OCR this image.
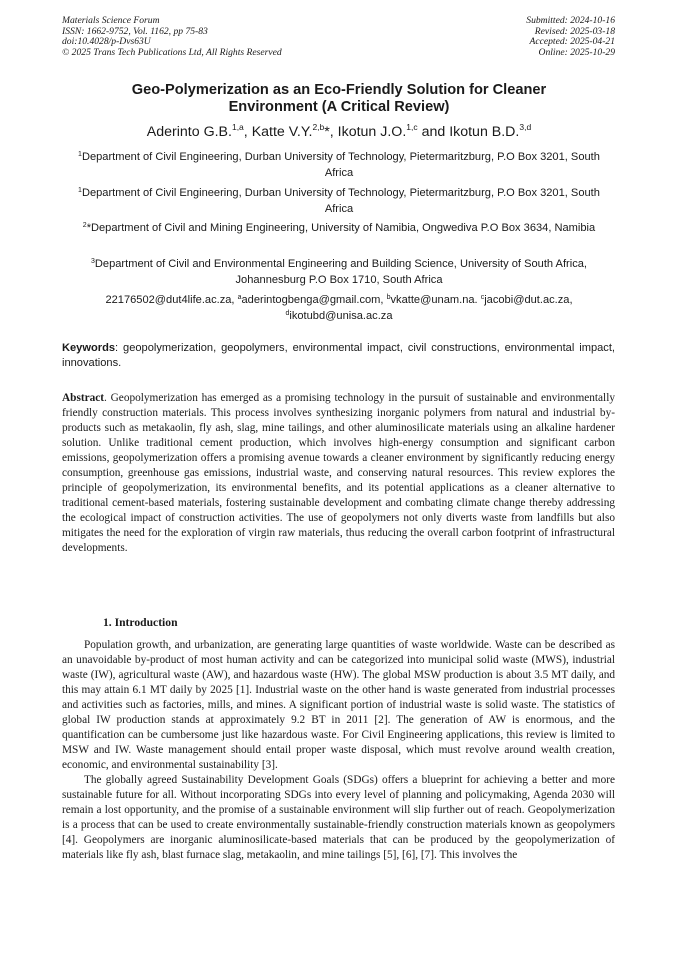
Materials Science Forum
ISSN: 1662-9752, Vol. 1162, pp 75-83
doi:10.4028/p-Dvs63U
© 2025 Trans Tech Publications Ltd, All Rights Reserved
Submitted: 2024-10-16
Revised: 2025-03-18
Accepted: 2025-04-21
Online: 2025-10-29
Geo-Polymerization as an Eco-Friendly Solution for Cleaner Environment (A Critical Review)
Aderinto G.B.$^{1,a}$, Katte V.Y.$^{2,b}$*, Ikotun J.O.$^{1,c}$ and Ikotun B.D.$^{3,d}$
$^1$Department of Civil Engineering, Durban University of Technology, Pietermaritzburg, P.O Box 3201, South Africa
$^1$Department of Civil Engineering, Durban University of Technology, Pietermaritzburg, P.O Box 3201, South Africa
$^2$*Department of Civil and Mining Engineering, University of Namibia, Ongwediva P.O Box 3634, Namibia
$^3$Department of Civil and Environmental Engineering and Building Science, University of South Africa, Johannesburg P.O Box 1710, South Africa
22176502@dut4life.ac.za, $^a$aderintogbenga@gmail.com, $^b$vkatte@unam.na. $^c$jacobi@dut.ac.za,
$^d$ikotubd@unisa.ac.za
Keywords: geopolymerization, geopolymers, environmental impact, civil constructions, environmental impact, innovations.
Abstract. Geopolymerization has emerged as a promising technology in the pursuit of sustainable and environmentally friendly construction materials. This process involves synthesizing inorganic polymers from natural and industrial by-products such as metakaolin, fly ash, slag, mine tailings, and other aluminosilicate materials using an alkaline hardener solution. Unlike traditional cement production, which involves high-energy consumption and significant carbon emissions, geopolymerization offers a promising avenue towards a cleaner environment by significantly reducing energy consumption, greenhouse gas emissions, industrial waste, and conserving natural resources. This review explores the principle of geopolymerization, its environmental benefits, and its potential applications as a cleaner alternative to traditional cement-based materials, fostering sustainable development and combating climate change thereby addressing the ecological impact of construction activities. The use of geopolymers not only diverts waste from landfills but also mitigates the need for the exploration of virgin raw materials, thus reducing the overall carbon footprint of infrastructural developments.
1. Introduction

Population growth, and urbanization, are generating large quantities of waste worldwide. Waste can be described as an unavoidable by-product of most human activity and can be categorized into municipal solid waste (MWS), industrial waste (IW), agricultural waste (AW), and hazardous waste (HW). The global MSW production is about 3.5 MT daily, and this may attain 6.1 MT daily by 2025 [1]. Industrial waste on the other hand is waste generated from industrial processes and activities such as factories, mills, and mines. A significant portion of industrial waste is solid waste. The statistics of global IW production stands at approximately 9.2 BT in 2011 [2]. The generation of AW is enormous, and the quantification can be cumbersome just like hazardous waste. For Civil Engineering applications, this review is limited to MSW and IW. Waste management should entail proper waste disposal, which must revolve around wealth creation, economic, and environmental sustainability [3].

The globally agreed Sustainability Development Goals (SDGs) offers a blueprint for achieving a better and more sustainable future for all. Without incorporating SDGs into every level of planning and policymaking, Agenda 2030 will remain a lost opportunity, and the promise of a sustainable environment will slip further out of reach. Geopolymerization is a process that can be used to create environmentally sustainable-friendly construction materials known as geopolymers [4]. Geopolymers are inorganic aluminosilicate-based materials that can be produced by the geopolymerization of materials like fly ash, blast furnace slag, metakaolin, and mine tailings [5], [6], [7]. This involves the
